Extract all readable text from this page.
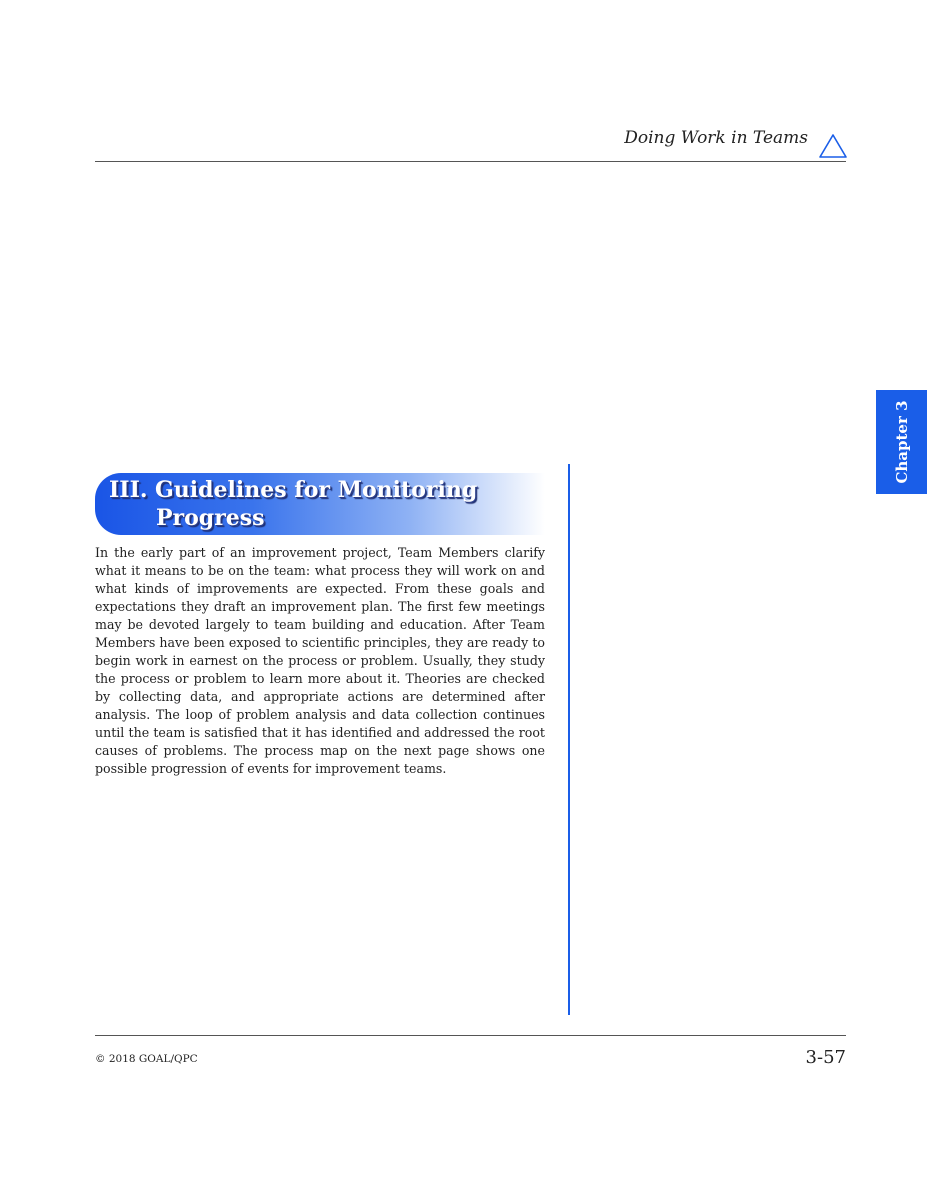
Doing Work in Teams
Chapter 3
III. Guidelines for Monitoring
Progress

In the early part of an improvement project, Team Members clarify what it means to be on the team: what process they will work on and what kinds of improvements are expected. From these goals and expectations they draft an improvement plan. The first few meetings may be devoted largely to team building and education. After Team Members have been exposed to scientific principles, they are ready to begin work in earnest on the process or problem. Usually, they study the process or problem to learn more about it. Theories are checked by collecting data, and appropriate actions are determined after analysis. The loop of problem analysis and data collection continues until the team is satisfied that it has identified and addressed the root causes of problems. The process map on the next page shows one possible progression of events for improvement teams.

© 2018 GOAL/QPC	3-57
